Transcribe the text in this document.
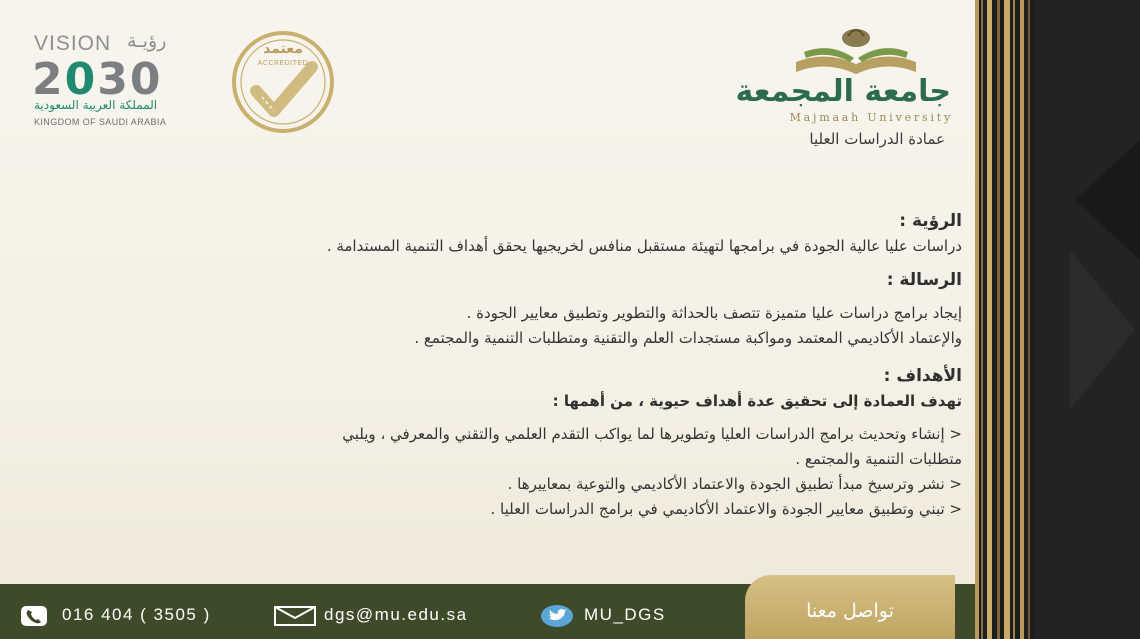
VISION رؤيـة
2030
المملكة العربية السعودية
KINGDOM OF SAUDI ARABIA
معتمد
ACCREDITED
جامعة المجمعة
Majmaah University
عمادة الدراسات العليا
الرؤية :
دراسات عليا عالية الجودة في برامجها لتهيئة مستقبل منافس لخريجيها يحقق أهداف التنمية المستدامة .
الرسالة :
إيجاد برامج دراسات عليا متميزة تتصف بالحداثة والتطوير وتطبيق معايير الجودة .
والإعتماد الأكاديمي المعتمد ومواكبة مستجدات العلم والتقنية ومتطلبات التنمية والمجتمع .
الأهداف :
تهدف العمادة إلى تحقيق عدة أهداف حيوية ، من أهمها :
< إنشاء وتحديث برامج الدراسات العليا وتطويرها لما يواكب التقدم العلمي والتقني والمعرفي ، ويلبي
متطلبات التنمية والمجتمع .
< نشر وترسيخ مبدأ تطبيق الجودة والاعتماد الأكاديمي والتوعية بمعاييرها .
< تبني وتطبيق معايير الجودة والاعتماد الأكاديمي في برامج الدراسات العليا .
تواصل معنا
016 404 ( 3505 )	dgs@mu.edu.sa	MU_DGS
